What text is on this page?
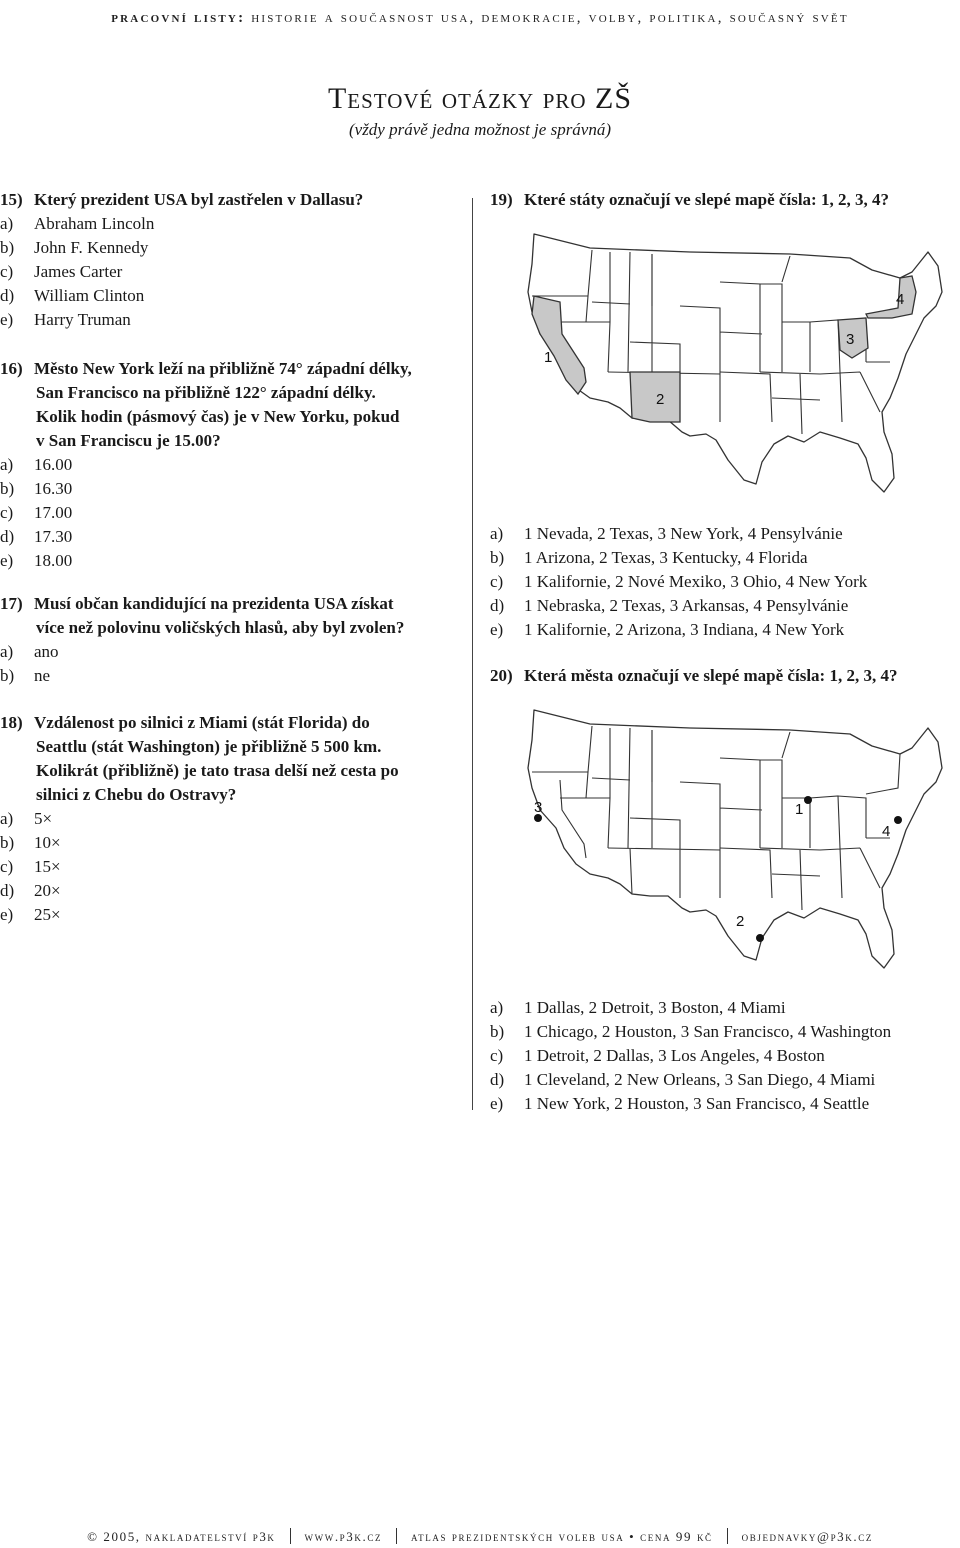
pracovní listy: historie a současnost usa, demokracie, volby, politika, současný svět
Testové otázky pro ZŠ
(vždy právě jedna možnost je správná)
15) Který prezident USA byl zastřelen v Dallasu?
a) Abraham Lincoln
b) John F. Kennedy
c) James Carter
d) William Clinton
e) Harry Truman
16) Město New York leží na přibližně 74° západní délky,
San Francisco na přibližně 122° západní délky.
Kolik hodin (pásmový čas) je v New Yorku, pokud
v San Franciscu je 15.00?
a) 16.00
b) 16.30
c) 17.00
d) 17.30
e) 18.00
17) Musí občan kandidující na prezidenta USA získat
více než polovinu voličských hlasů, aby byl zvolen?
a) ano
b) ne
18) Vzdálenost po silnici z Miami (stát Florida) do
Seattlu (stát Washington) je přibližně 5 500 km.
Kolikrát (přibližně) je tato trasa delší než cesta po
silnici z Chebu do Ostravy?
a) 5×
b) 10×
c) 15×
d) 20×
e) 25×
19) Které státy označují ve slepé mapě čísla: 1, 2, 3, 4?
1
2
3
4
a) 1 Nevada, 2 Texas, 3 New York, 4 Pensylvánie
b) 1 Arizona, 2 Texas, 3 Kentucky, 4 Florida
c) 1 Kalifornie, 2 Nové Mexiko, 3 Ohio, 4 New York
d) 1 Nebraska, 2 Texas, 3 Arkansas, 4 Pensylvánie
e) 1 Kalifornie, 2 Arizona, 3 Indiana, 4 New York
20) Která města označují ve slepé mapě čísla: 1, 2, 3, 4?
1
2
3
4
a) 1 Dallas, 2 Detroit, 3 Boston, 4 Miami
b) 1 Chicago, 2 Houston, 3 San Francisco, 4 Washington
c) 1 Detroit, 2 Dallas, 3 Los Angeles, 4 Boston
d) 1 Cleveland, 2 New Orleans, 3 San Diego, 4 Miami
e) 1 New York, 2 Houston, 3 San Francisco, 4 Seattle
© 2005, nakladatelství p3k www.p3k.cz atlas prezidentských voleb usa • cena 99 kč objednavky@p3k.cz
